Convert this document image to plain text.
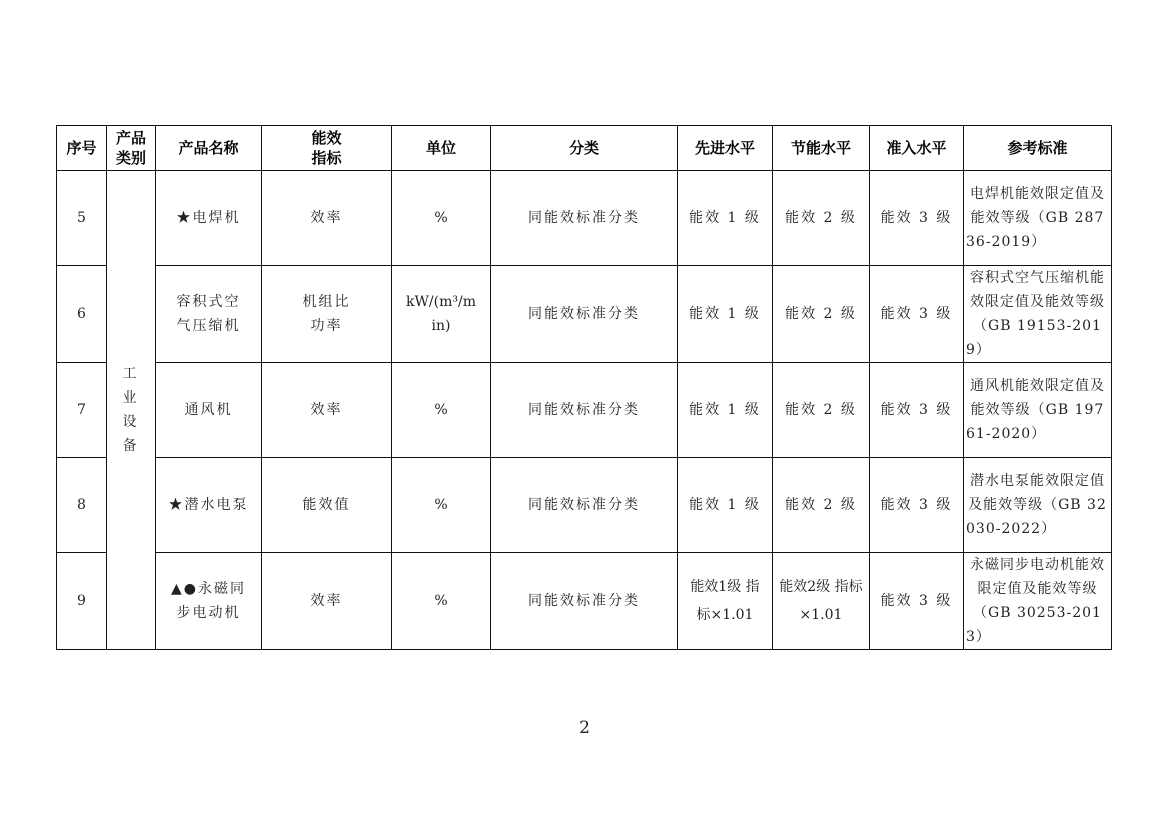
序号	产品类别	产品名称	能效指标	单位	分类	先进水平	节能水平	准入水平	参考标准
5	工业设备	★电焊机	效率	%	同能效标准分类	能效 1 级	能效 2 级	能效 3 级	电焊机能效限定值及能效等级（GB 28736-2019）
6		容积式空气压缩机	机组比功率	kW/(m³/min)	同能效标准分类	能效 1 级	能效 2 级	能效 3 级	容积式空气压缩机能效限定值及能效等级（GB 19153-2019）
7		通风机	效率	%	同能效标准分类	能效 1 级	能效 2 级	能效 3 级	通风机能效限定值及能效等级（GB 19761-2020）
8		★潜水电泵	能效值	%	同能效标准分类	能效 1 级	能效 2 级	能效 3 级	潜水电泵能效限定值及能效等级（GB 32030-2022）
9		▲●永磁同步电动机	效率	%	同能效标准分类	能效1级 指标×1.01	能效2级 指标×1.01	能效 3 级	永磁同步电动机能效限定值及能效等级（GB 30253-2013）
2
